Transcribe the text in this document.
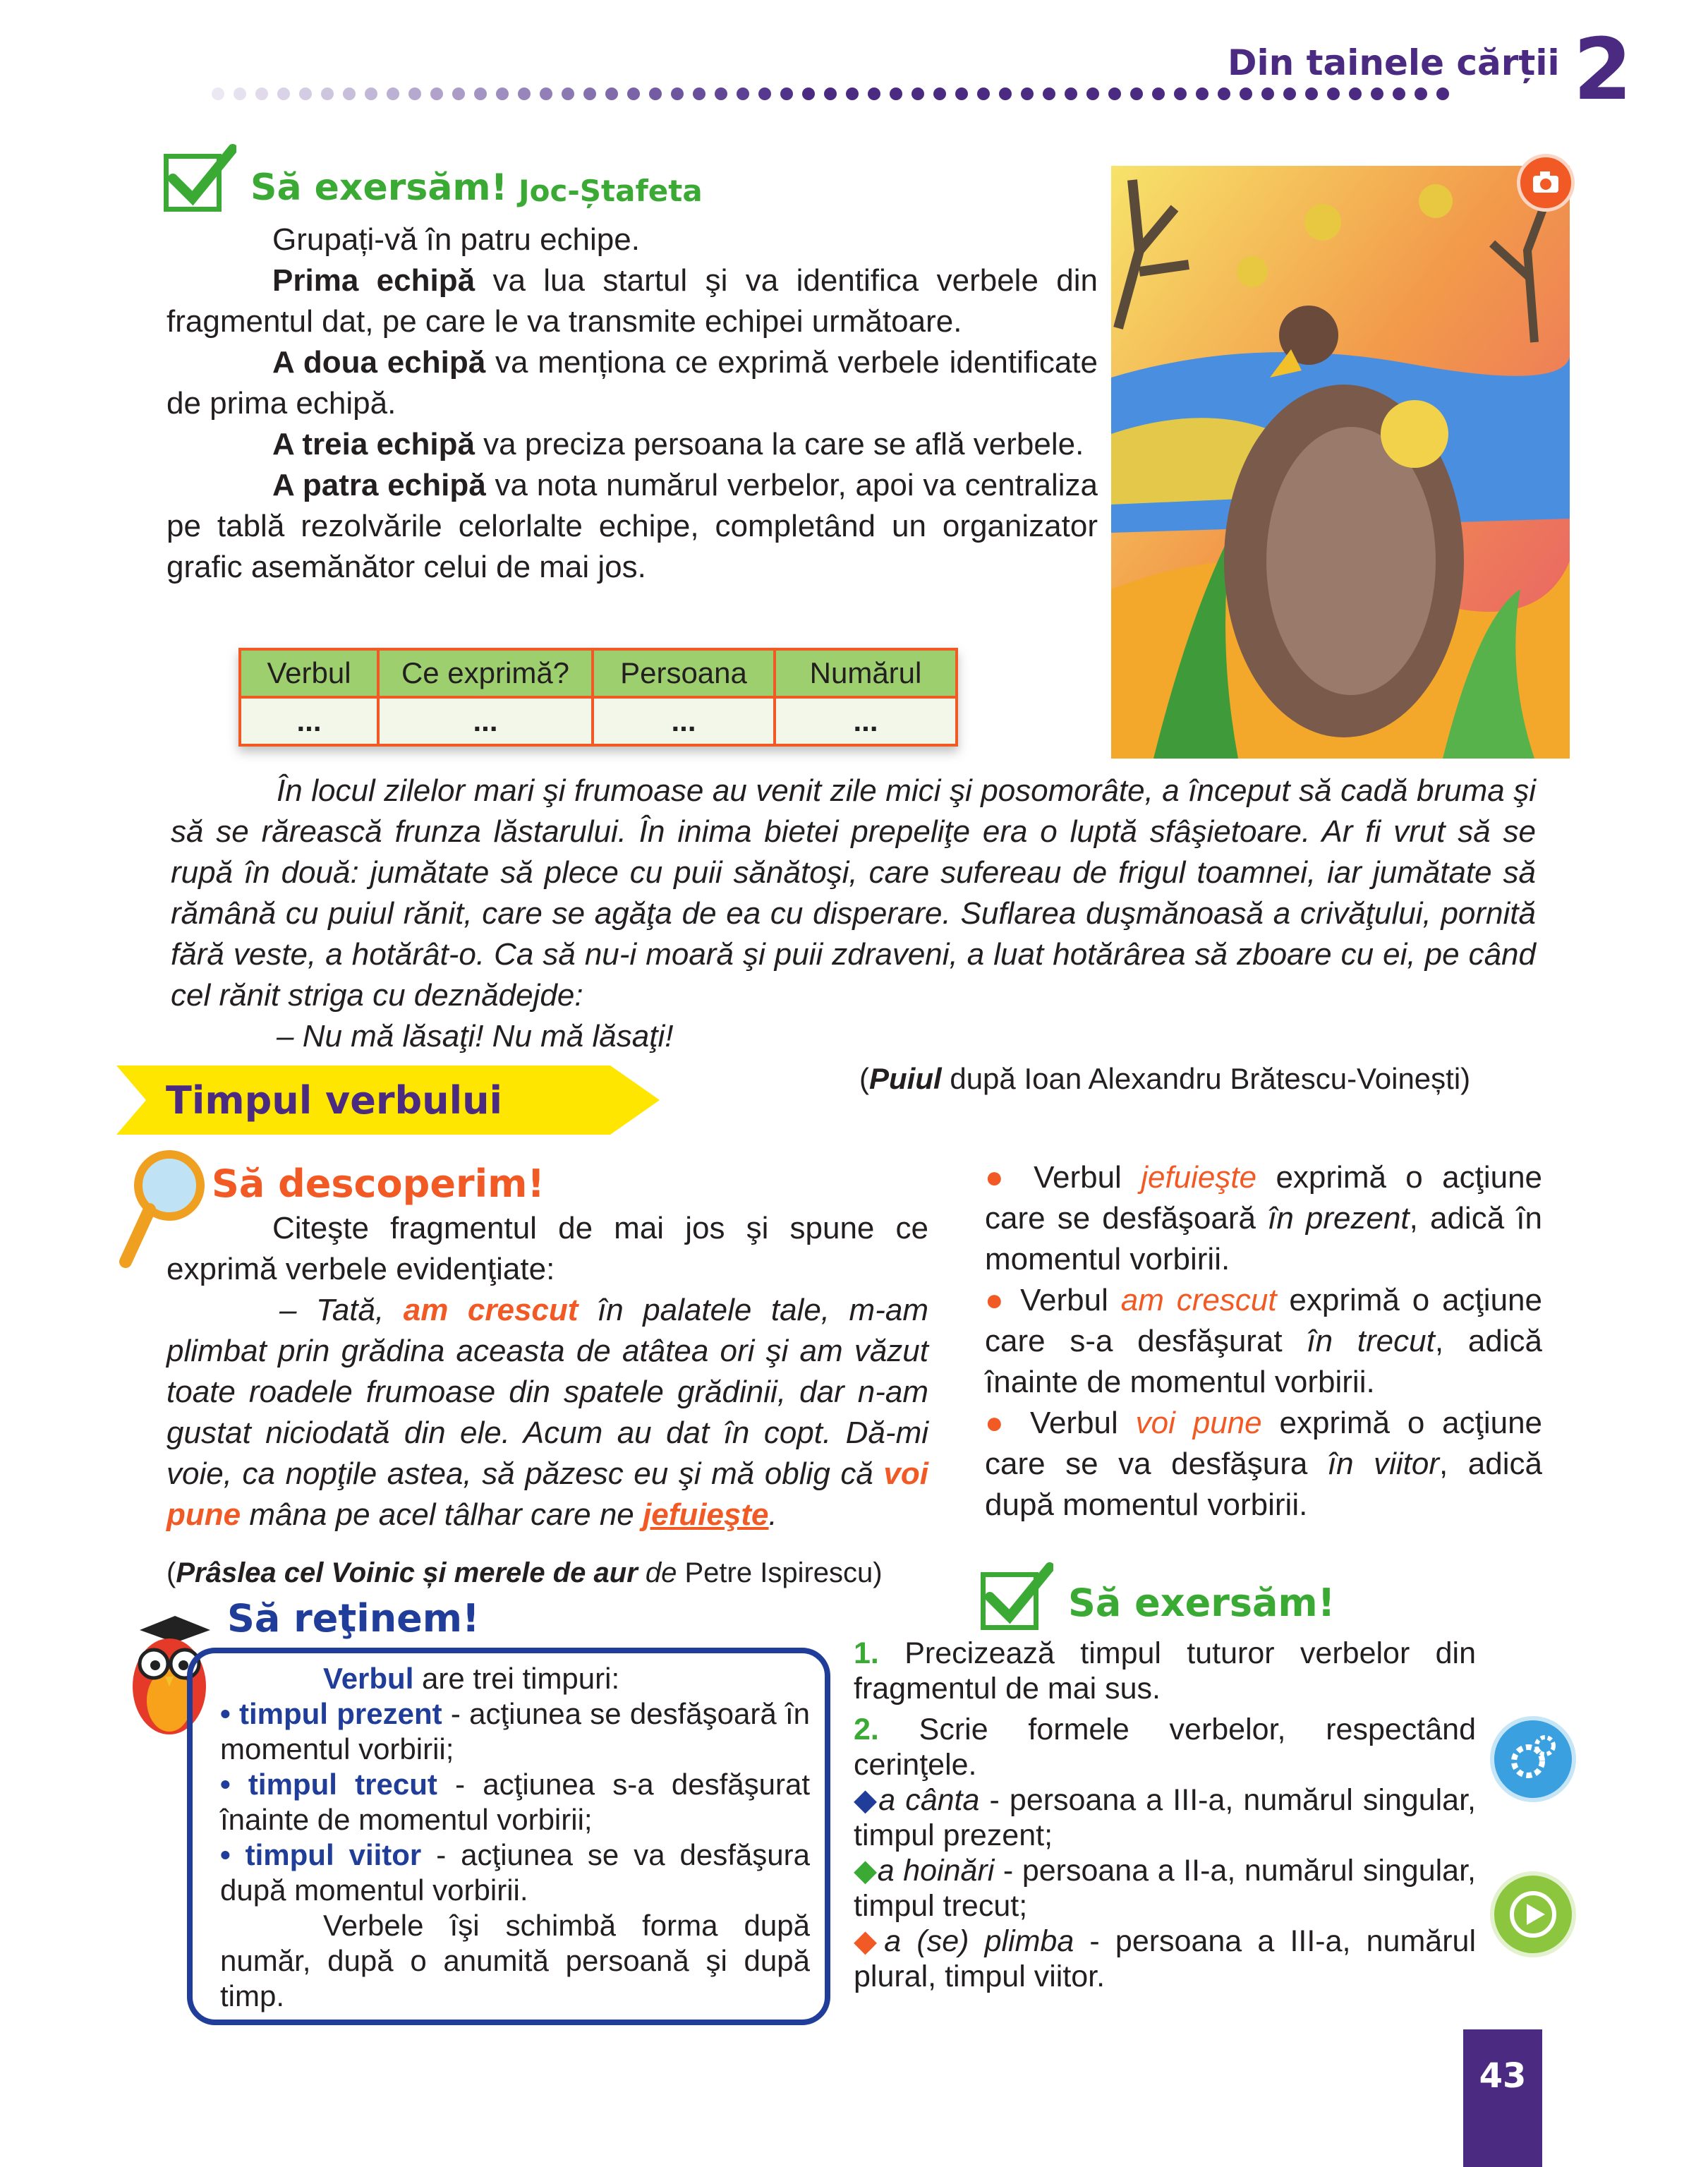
Din tainele cărții 2
Să exersăm! Joc-Ștafeta
Grupați-vă în patru echipe.
Prima echipă va lua startul şi va identifica verbele din fragmentul dat, pe care le va transmite echipei următoare.
A doua echipă va menționa ce exprimă verbele identificate de prima echipă.
A treia echipă va preciza persoana la care se află verbele.
A patra echipă va nota numărul verbelor, apoi va centraliza pe tablă rezolvările celorlalte echipe, completând un organizator grafic asemănător celui de mai jos.
Verbul	Ce exprimă?	Persoana	Numărul
...	...	...	...
În locul zilelor mari şi frumoase au venit zile mici şi posomorâte, a început să cadă bruma şi să se rărească frunza lăstarului. În inima bietei prepeliţe era o luptă sfâşietoare. Ar fi vrut să se rupă în două: jumătate să plece cu puii sănătoşi, care sufereau de frigul toamnei, iar jumătate să rămână cu puiul rănit, care se agăţa de ea cu disperare. Suflarea duşmănoasă a crivăţului, pornită fără veste, a hotărât-o. Ca să nu-i moară şi puii zdraveni, a luat hotărârea să zboare cu ei, pe când cel rănit striga cu deznădejde:
– Nu mă lăsaţi! Nu mă lăsaţi!
(Puiul după Ioan Alexandru Brătescu-Voinești)
Timpul verbului
Să descoperim!
Citeşte fragmentul de mai jos şi spune ce exprimă verbele evidenţiate:
– Tată, am crescut în palatele tale, m-am plimbat prin grădina aceasta de atâtea ori şi am văzut toate roadele frumoase din spatele grădinii, dar n-am gustat niciodată din ele. Acum au dat în copt. Dă-mi voie, ca nopţile astea, să păzesc eu şi mă oblig că voi pune mâna pe acel tâlhar care ne jefuieşte.
(Prâslea cel Voinic și merele de aur de Petre Ispirescu)
● Verbul jefuieşte exprimă o acţiune care se desfăşoară în prezent, adică în momentul vorbirii.
● Verbul am crescut exprimă o acţiune care s-a desfăşurat în trecut, adică înainte de momentul vorbirii.
● Verbul voi pune exprimă o acţiune care se va desfăşura în viitor, adică după momentul vorbirii.
Să reţinem!
Verbul are trei timpuri:
• timpul prezent - acţiunea se desfăşoară în momentul vorbirii;
• timpul trecut - acţiunea s-a desfăşurat înainte de momentul vorbirii;
• timpul viitor - acţiunea se va desfăşura după momentul vorbirii.
Verbele îşi schimbă forma după număr, după o anumită persoană şi după timp.
Să exersăm!
1. Precizează timpul tuturor verbelor din fragmentul de mai sus.
2. Scrie formele verbelor, respectând cerinţele.
◆a cânta - persoana a III-a, numărul singular, timpul prezent;
◆a hoinări - persoana a II-a, numărul singular, timpul trecut;
◆a (se) plimba - persoana a III-a, numărul plural, timpul viitor.
43
